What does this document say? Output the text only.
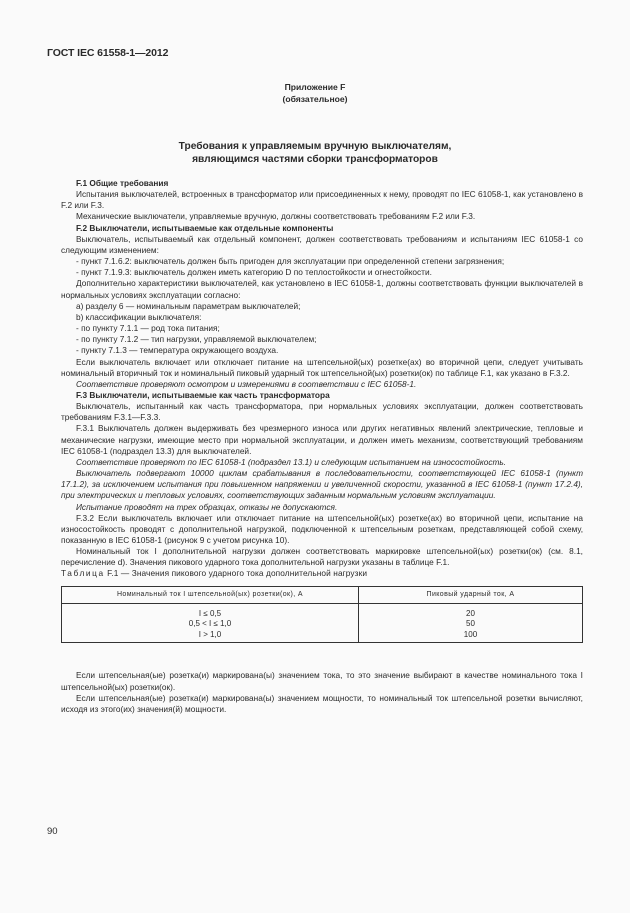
ГОСТ IEC 61558-1—2012
Приложение F
(обязательное)
Требования к управляемым вручную выключателям,
являющимся частями сборки трансформаторов

F.1 Общие требования

Испытания выключателей, встроенных в трансформатор или присоединенных к нему, проводят по IEC 61058-1, как установлено в F.2 или F.3.

Механические выключатели, управляемые вручную, должны соответствовать требованиям F.2 или F.3.

F.2 Выключатели, испытываемые как отдельные компоненты

Выключатель, испытываемый как отдельный компонент, должен соответствовать требованиям и испытаниям IEC 61058-1 со следующим изменением:

- пункт 7.1.6.2: выключатель должен быть пригоден для эксплуатации при определенной степени загрязнения;

- пункт 7.1.9.3: выключатель должен иметь категорию D по теплостойкости и огнестойкости.

Дополнительно характеристики выключателей, как установлено в IEC 61058-1, должны соответствовать функции выключателей в нормальных условиях эксплуатации согласно:

a) разделу 6 — номинальным параметрам выключателей;

b) классификации выключателя:

- по пункту 7.1.1 — род тока питания;

- по пункту 7.1.2 — тип нагрузки, управляемой выключателем;

- пункту 7.1.3 — температура окружающего воздуха.

Если выключатель включает или отключает питание на штепсельной(ых) розетке(ах) во вторичной цепи, следует учитывать номинальный вторичный ток и номинальный пиковый ударный ток штепсельной(ых) розетки(ок) по таблице F.1, как указано в F.3.2.

Соответствие проверяют осмотром и измерениями в соответствии с IEC 61058-1.

F.3 Выключатели, испытываемые как часть трансформатора

Выключатель, испытанный как часть трансформатора, при нормальных условиях эксплуатации, должен соответствовать требованиям F.3.1—F.3.3.

F.3.1 Выключатель должен выдерживать без чрезмерного износа или других негативных явлений электрические, тепловые и механические нагрузки, имеющие место при нормальной эксплуатации, и должен иметь механизм, соответствующий требованиям IEC 61058-1 (подраздел 13.3) для выключателей.

Соответствие проверяют по IEC 61058-1 (подраздел 13.1) и следующим испытанием на износостойкость.

Выключатель подвергают 10000 циклам срабатывания в последовательности, соответствующей IEC 61058-1 (пункт 17.1.2), за исключением испытания при повышенном напряжении и увеличенной скорости, указанной в IEC 61058-1 (пункт 17.2.4), при электрических и тепловых условиях, соответствующих заданным нормальным условиям эксплуатации.

Испытание проводят на трех образцах, отказы не допускаются.

F.3.2 Если выключатель включает или отключает питание на штепсельной(ых) розетке(ах) во вторичной цепи, испытание на износостойкость проводят с дополнительной нагрузкой, подключенной к штепсельным розеткам, представляющей собой схему, показанную в IEC 61058-1 (рисунок 9 с учетом рисунка 10).

Номинальный ток I дополнительной нагрузки должен соответствовать маркировке штепсельной(ых) розетки(ок) (см. 8.1, перечисление d). Значения пикового ударного тока дополнительной нагрузки указаны в таблице F.1.

Таблица F.1 — Значения пикового ударного тока дополнительной нагрузки

Номинальный ток I штепсельной(ых) розетки(ок), А	Пиковый ударный ток, А
I ≤ 0,5	20
0,5 < I ≤ 1,0	50
I > 1,0	100

Если штепсельная(ые) розетка(и) маркирована(ы) значением тока, то это значение выбирают в качестве номинального тока I штепсельной(ых) розетки(ок).

Если штепсельная(ые) розетка(и) маркирована(ы) значением мощности, то номинальный ток штепсельной розетки вычисляют, исходя из этого(их) значения(й) мощности.

90
